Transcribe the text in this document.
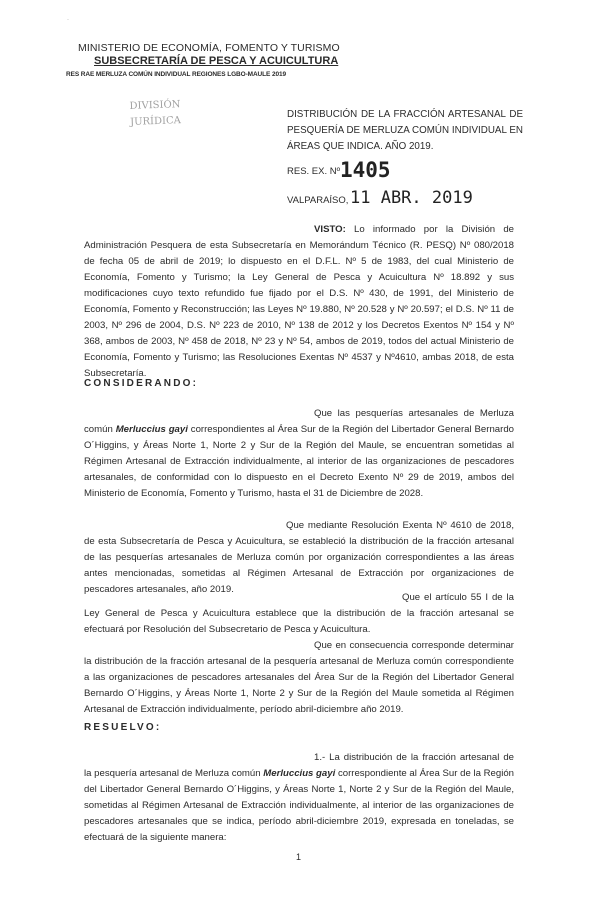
·
MINISTERIO DE ECONOMÍA, FOMENTO Y TURISMO
SUBSECRETARÍA DE PESCA Y ACUICULTURA
RES RAE MERLUZA COMÚN INDIVIDUAL REGIONES LGBO-MAULE 2019
DIVISIÓN
JURÍDICA
DISTRIBUCIÓN DE LA FRACCIÓN ARTESANAL DE PESQUERÍA DE MERLUZA COMÚN INDIVIDUAL EN ÁREAS QUE INDICA. AÑO 2019.
RES. EX. Nº 1405
VALPARAÍSO, 11 ABR. 2019
VISTO: Lo informado por la División de Administración Pesquera de esta Subsecretaría en Memorándum Técnico (R. PESQ) Nº 080/2018 de fecha 05 de abril de 2019; lo dispuesto en el D.F.L. Nº 5 de 1983, del cual Ministerio de Economía, Fomento y Turismo; la Ley General de Pesca y Acuicultura Nº 18.892 y sus modificaciones cuyo texto refundido fue fijado por el D.S. Nº 430, de 1991, del Ministerio de Economía, Fomento y Reconstrucción; las Leyes Nº 19.880, Nº 20.528 y Nº 20.597; el D.S. Nº 11 de 2003, Nº 296 de 2004, D.S. Nº 223 de 2010, Nº 138 de 2012 y los Decretos Exentos Nº 154 y Nº 368, ambos de 2003, Nº 458 de 2018, Nº 23 y Nº 54, ambos de 2019, todos del actual Ministerio de Economía, Fomento y Turismo; las Resoluciones Exentas Nº 4537 y Nº4610, ambas 2018, de esta Subsecretaría.
CONSIDERANDO:
Que las pesquerías artesanales de Merluza común Merluccius gayi correspondientes al Área Sur de la Región del Libertador General Bernardo O´Higgins, y Áreas Norte 1, Norte 2 y Sur de la Región del Maule, se encuentran sometidas al Régimen Artesanal de Extracción individualmente, al interior de las organizaciones de pescadores artesanales, de conformidad con lo dispuesto en el Decreto Exento Nº 29 de 2019, ambos del Ministerio de Economía, Fomento y Turismo, hasta el 31 de Diciembre de 2028.
Que mediante Resolución Exenta Nº 4610 de 2018, de esta Subsecretaría de Pesca y Acuicultura, se estableció la distribución de la fracción artesanal de las pesquerías artesanales de Merluza común por organización correspondientes a las áreas antes mencionadas, sometidas al Régimen Artesanal de Extracción por organizaciones de pescadores artesanales, año 2019.
Que el artículo 55 I de la Ley General de Pesca y Acuicultura establece que la distribución de la fracción artesanal se efectuará por Resolución del Subsecretario de Pesca y Acuicultura.
Que en consecuencia corresponde determinar la distribución de la fracción artesanal de la pesquería artesanal de Merluza común correspondiente a las organizaciones de pescadores artesanales del Área Sur de la Región del Libertador General Bernardo O´Higgins, y Áreas Norte 1, Norte 2 y Sur de la Región del Maule sometida al Régimen Artesanal de Extracción individualmente, período abril-diciembre año 2019.
RESUELVO:
1.- La distribución de la fracción artesanal de la pesquería artesanal de Merluza común Merluccius gayi correspondiente al Área Sur de la Región del Libertador General Bernardo O´Higgins, y Áreas Norte 1, Norte 2 y Sur de la Región del Maule, sometidas al Régimen Artesanal de Extracción individualmente, al interior de las organizaciones de pescadores artesanales que se indica, período abril-diciembre 2019, expresada en toneladas, se efectuará de la siguiente manera:
1
